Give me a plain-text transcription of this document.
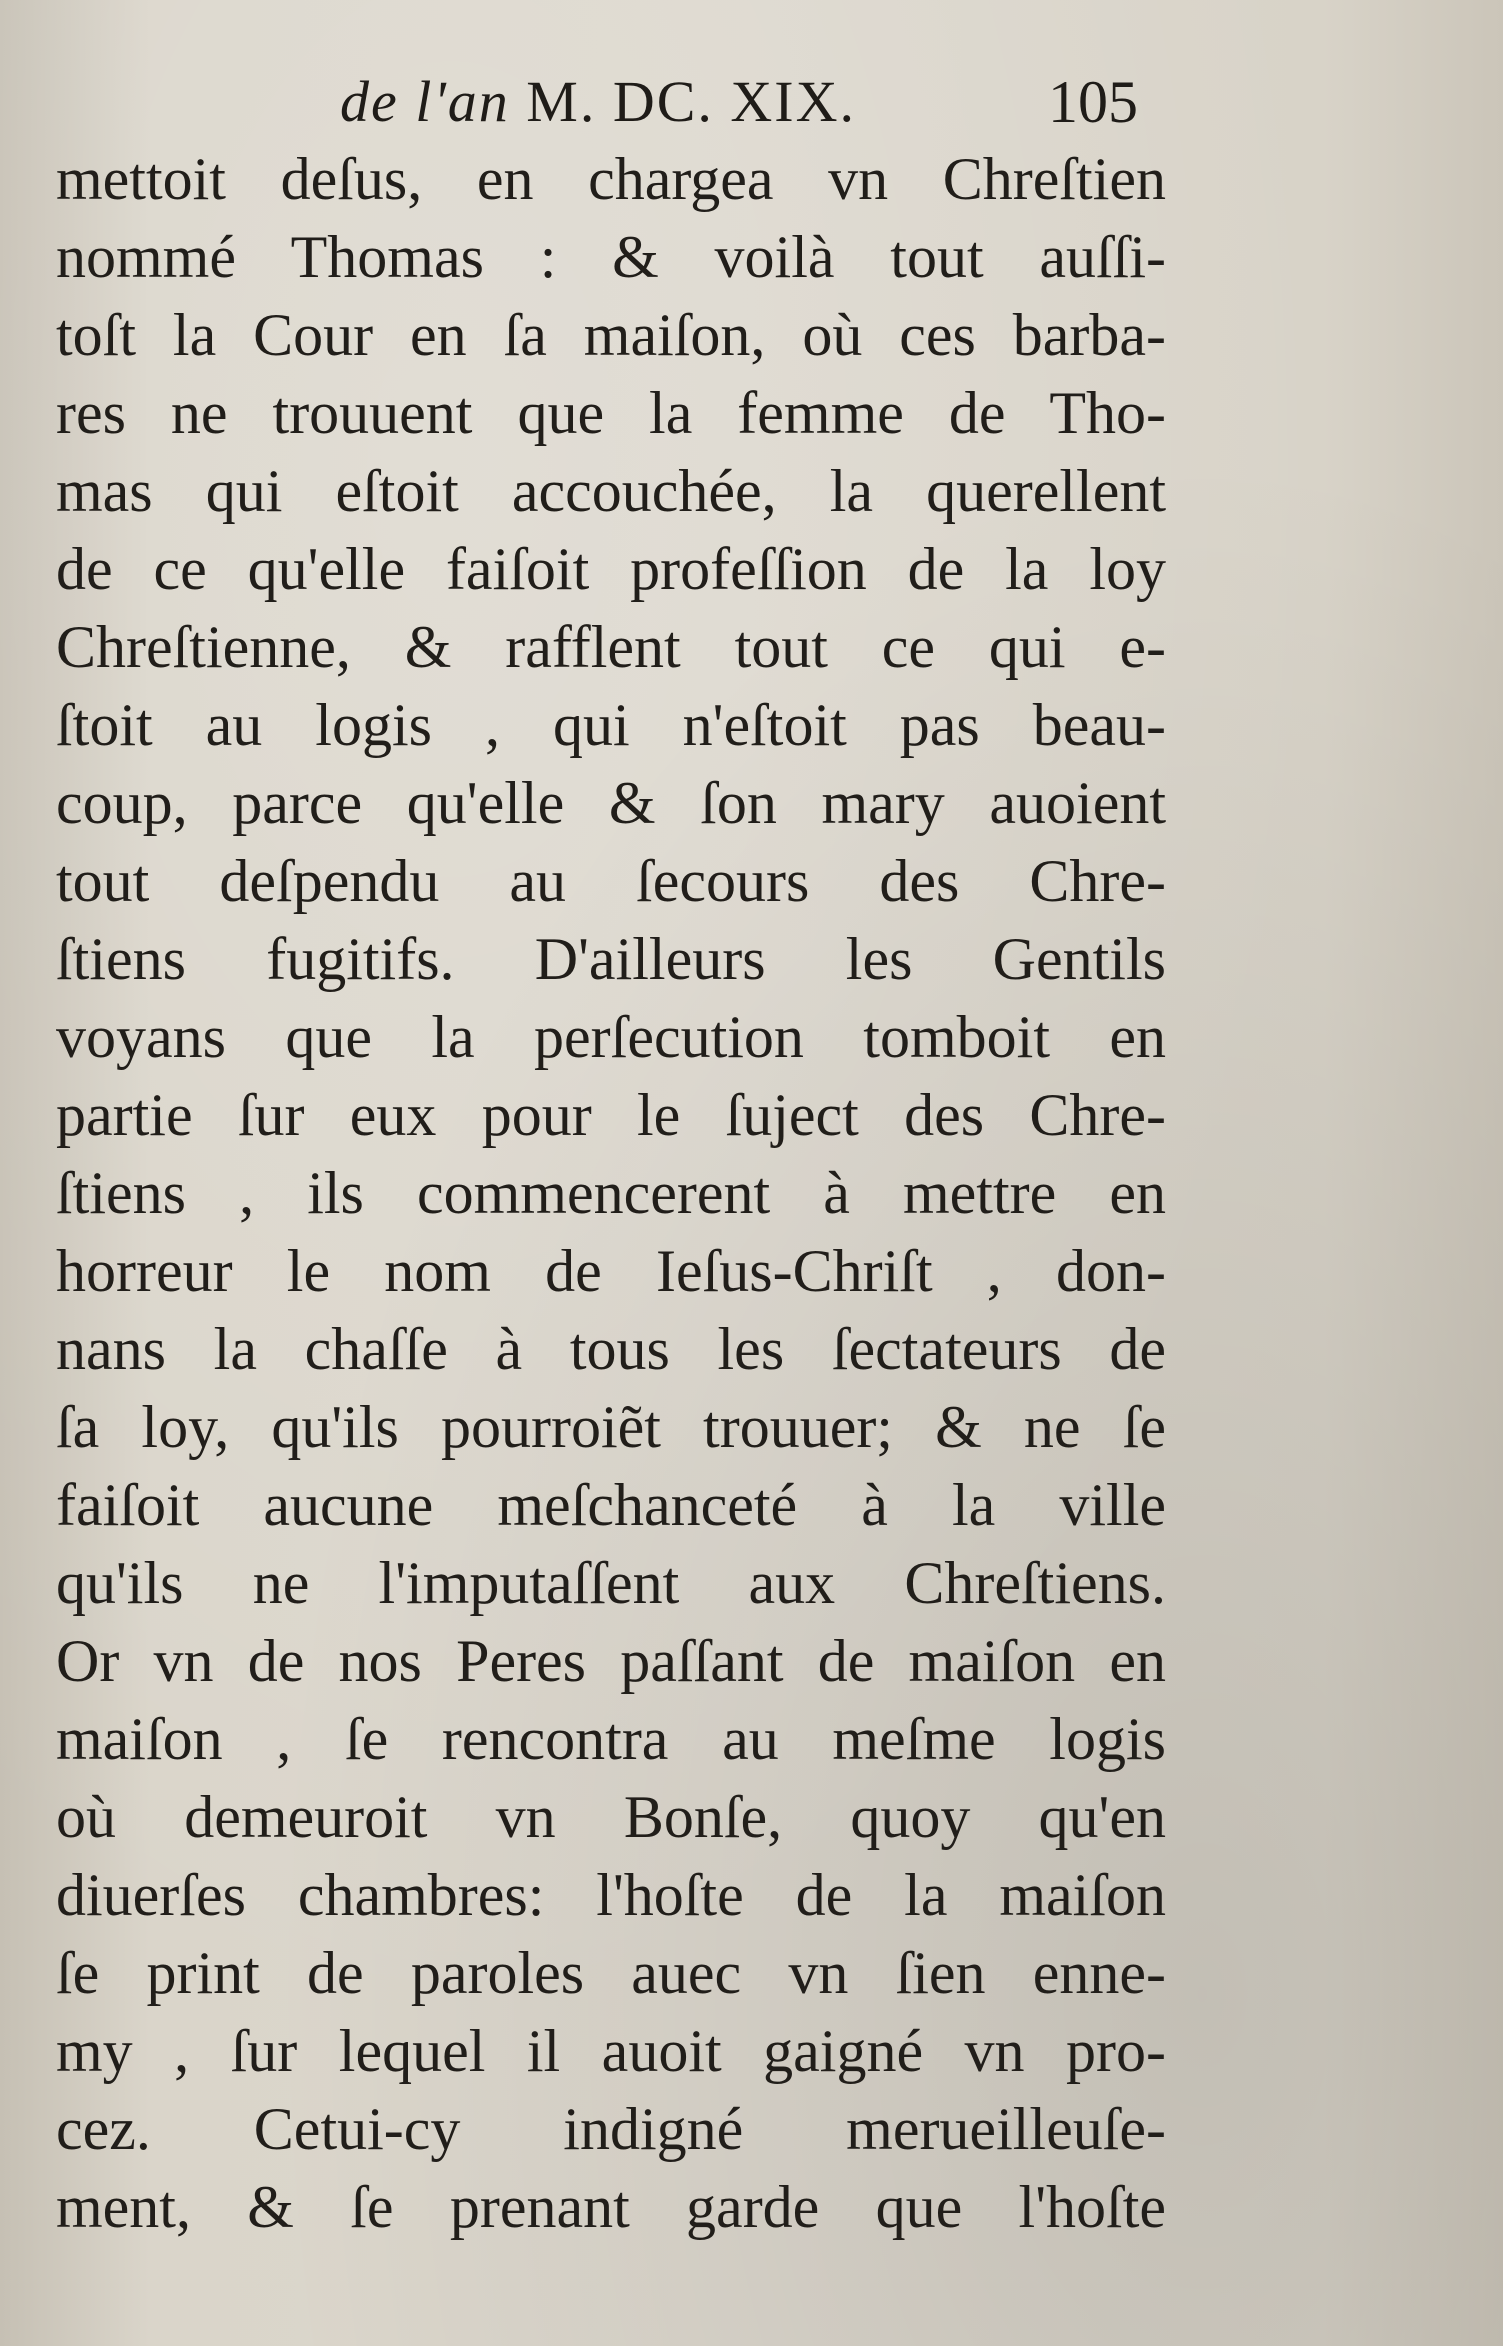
de l'an M. DC. XIX.	105
mettoit deſus, en chargea vn Chreſtien
nommé Thomas : & voilà tout auſſi-
toſt la Cour en ſa maiſon, où ces barba-
res ne trouuent que la femme de Tho-
mas qui eſtoit accouchée, la querellent
de ce qu'elle faiſoit profeſſion de la loy
Chreſtienne, & rafflent tout ce qui e-
ſtoit au logis , qui n'eſtoit pas beau-
coup, parce qu'elle & ſon mary auoient
tout deſpendu au ſecours des Chre-
ſtiens fugitifs. D'ailleurs les Gentils
voyans que la perſecution tomboit en
partie ſur eux pour le ſuject des Chre-
ſtiens , ils commencerent à mettre en
horreur le nom de Ieſus-Chriſt , don-
nans la chaſſe à tous les ſectateurs de
ſa loy, qu'ils pourroiẽt trouuer; & ne ſe
faiſoit aucune meſchanceté à la ville
qu'ils ne l'imputaſſent aux Chreſtiens.
Or vn de nos Peres paſſant de maiſon en
maiſon , ſe rencontra au meſme logis
où demeuroit vn Bonſe, quoy qu'en
diuerſes chambres: l'hoſte de la maiſon
ſe print de paroles auec vn ſien enne-
my , ſur lequel il auoit gaigné vn pro-
cez. Cetui-cy indigné merueilleuſe-
ment, & ſe prenant garde que l'hoſte
